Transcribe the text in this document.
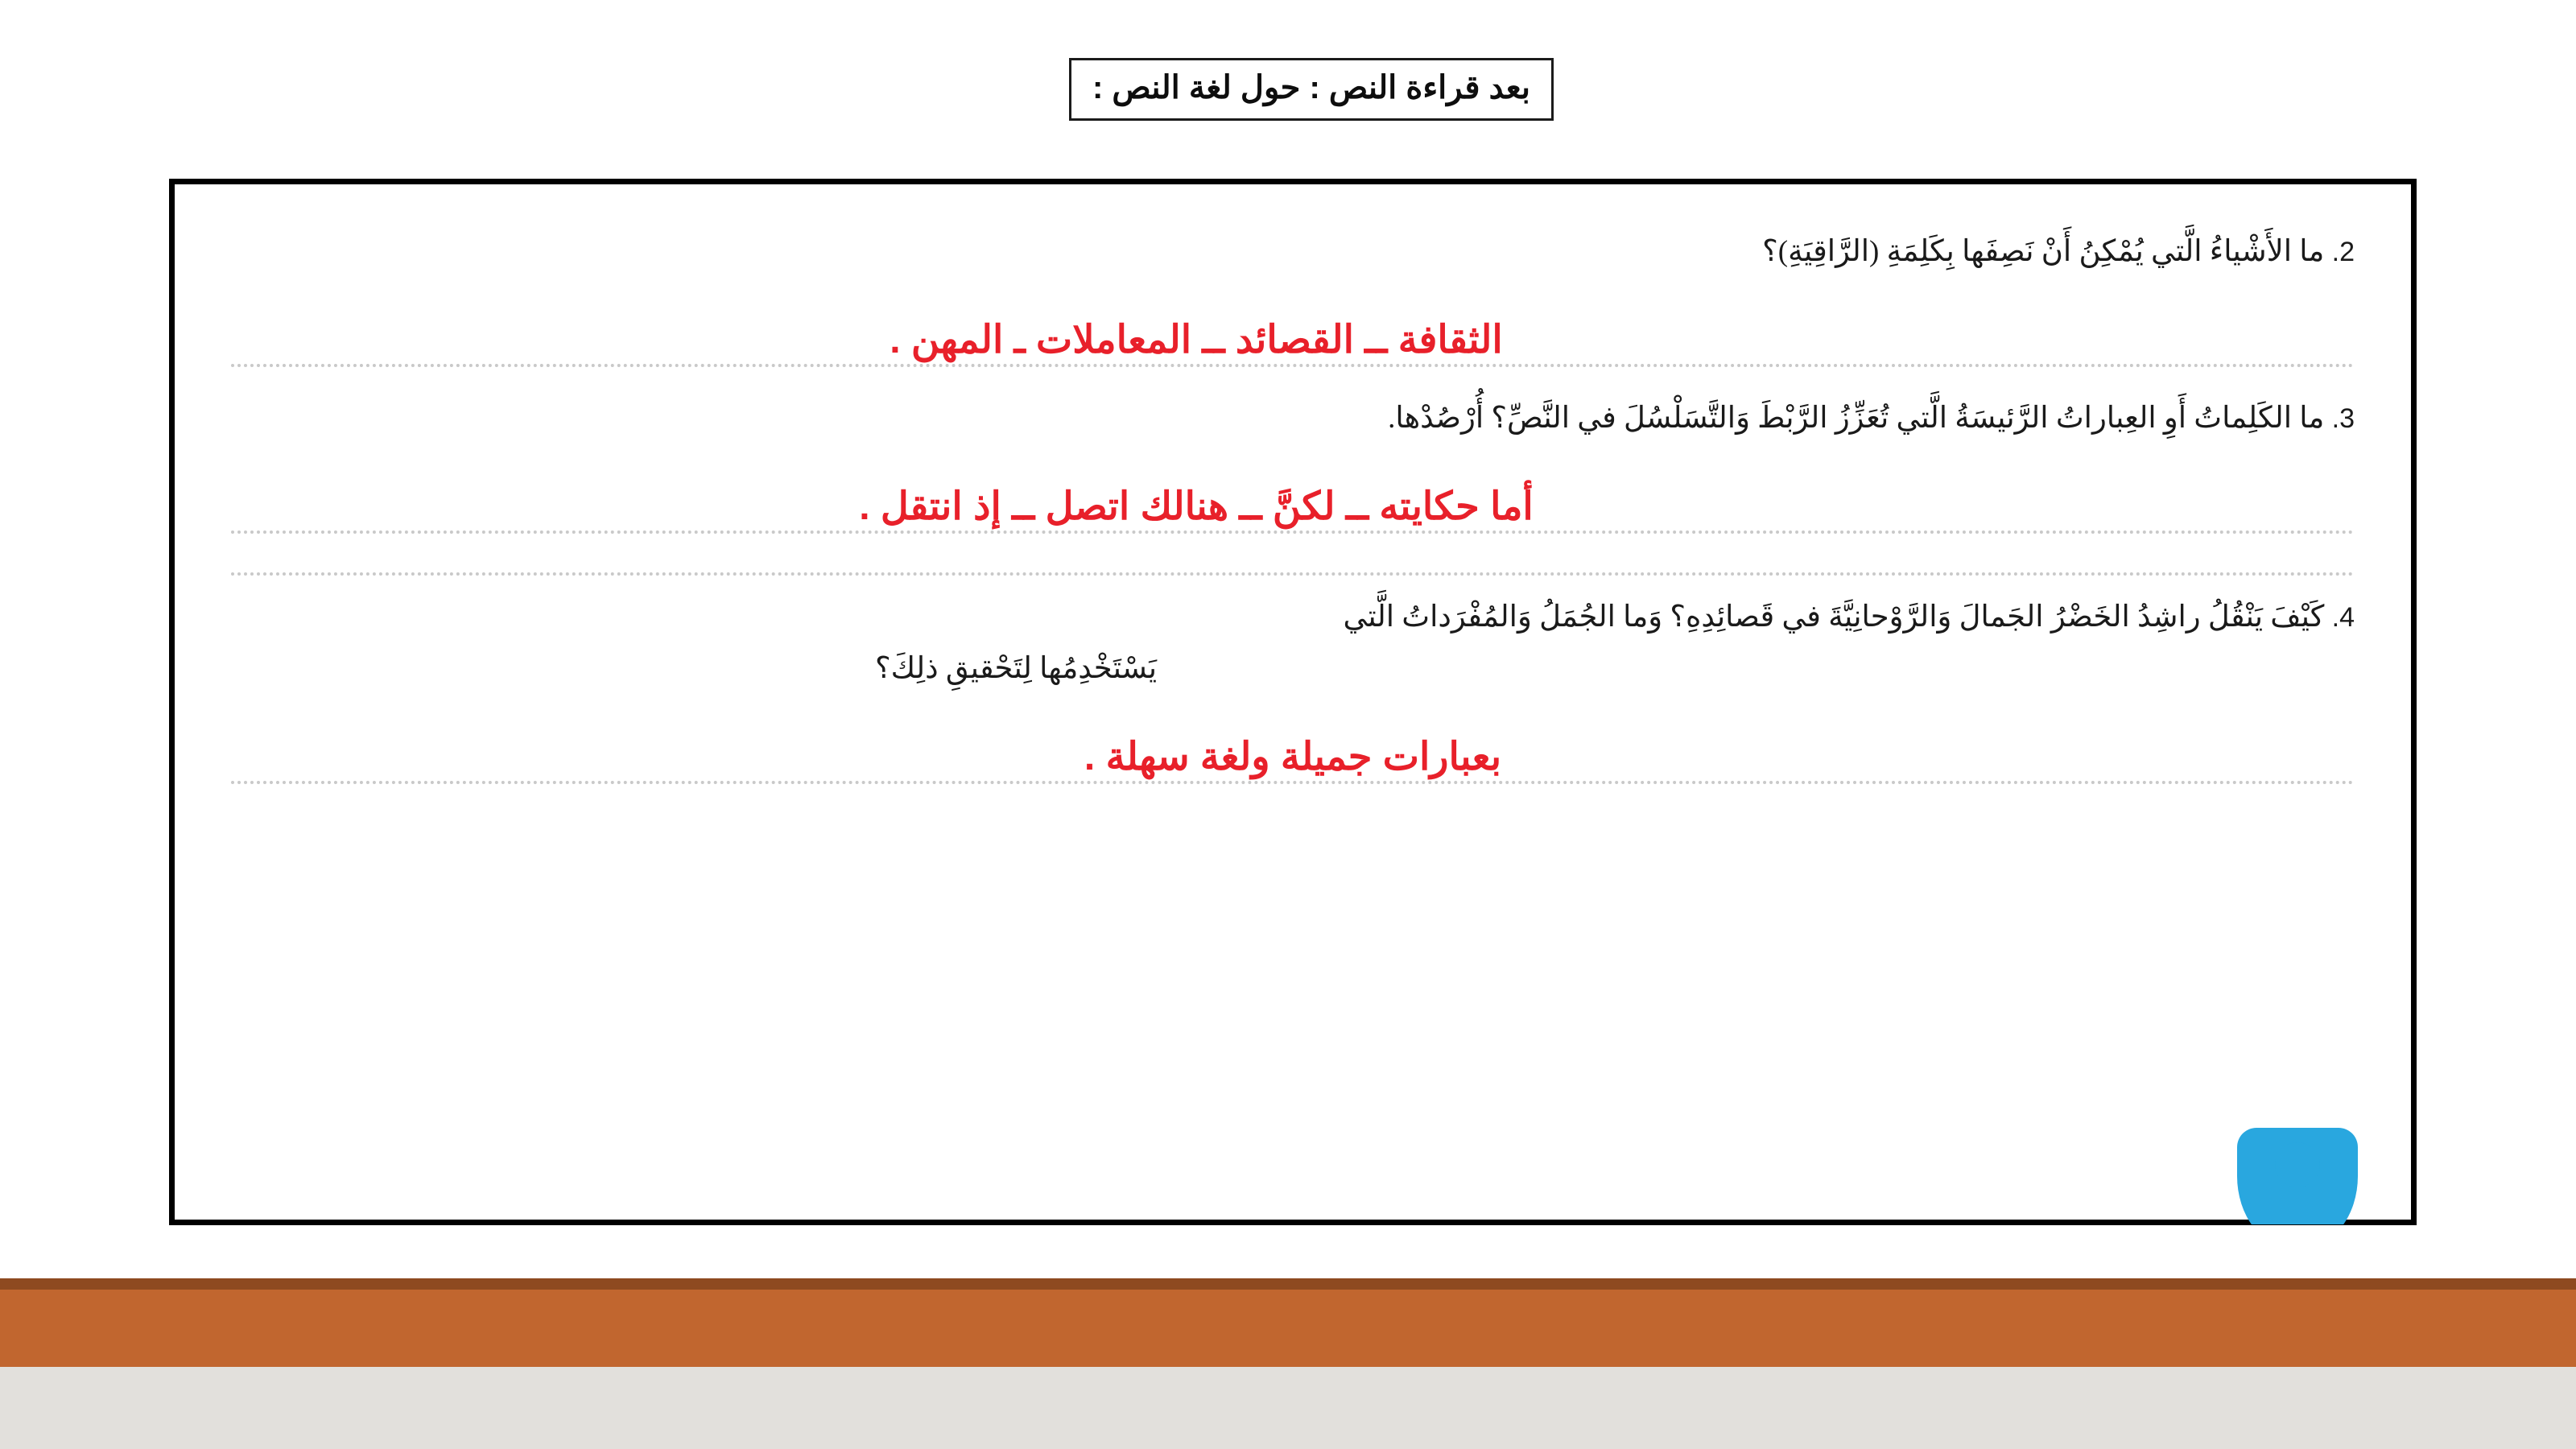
بعد قراءة النص : حول لغة النص :
2. ما الأَشْياءُ الَّتي يُمْكِنُ أَنْ نَصِفَها بِكَلِمَةِ (الرَّاقِيَةِ)؟
الثقافة ــ القصائد ــ المعاملات ـ المهن .
3. ما الكَلِماتُ أَوِ العِباراتُ الرَّئيسَةُ الَّتي تُعَزِّزُ الرَّبْطَ وَالتَّسَلْسُلَ في النَّصِّ؟ أُرْصُدْها.
أما حكايته ــ لكنَّ ــ هنالك اتصل ــ إذ انتقل .
4. كَيْفَ يَنْقُلُ راشِدُ الخَضْرُ الجَمالَ وَالرَّوْحانِيَّةَ في قَصائِدِهِ؟ وَما الجُمَلُ وَالمُفْرَداتُ الَّتي
يَسْتَخْدِمُها لِتَحْقيقِ ذلِكَ؟
بعبارات جميلة ولغة سهلة .
